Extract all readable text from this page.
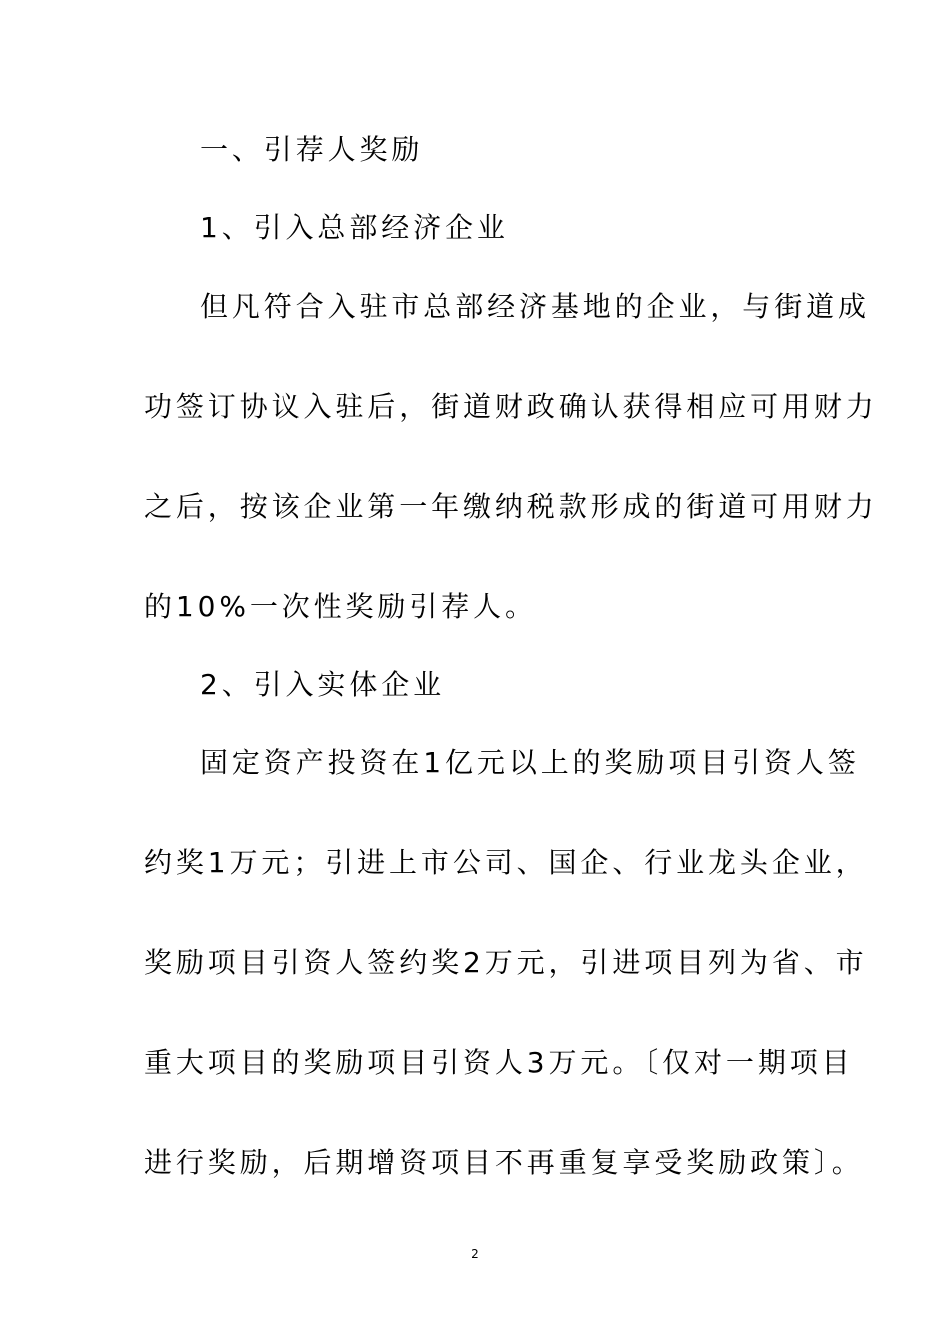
一、引荐人奖励
1、引入总部经济企业
但凡符合入驻市总部经济基地的企业，与街道成
功签订协议入驻后，街道财政确认获得相应可用财力
之后，按该企业第一年缴纳税款形成的街道可用财力
的10%一次性奖励引荐人。
2、引入实体企业
固定资产投资在1亿元以上的奖励项目引资人签
约奖1万元；引进上市公司、国企、行业龙头企业，
奖励项目引资人签约奖2万元，引进项目列为省、市
重大项目的奖励项目引资人3万元。〔仅对一期项目
进行奖励，后期增资项目不再重复享受奖励政策〕。
2
